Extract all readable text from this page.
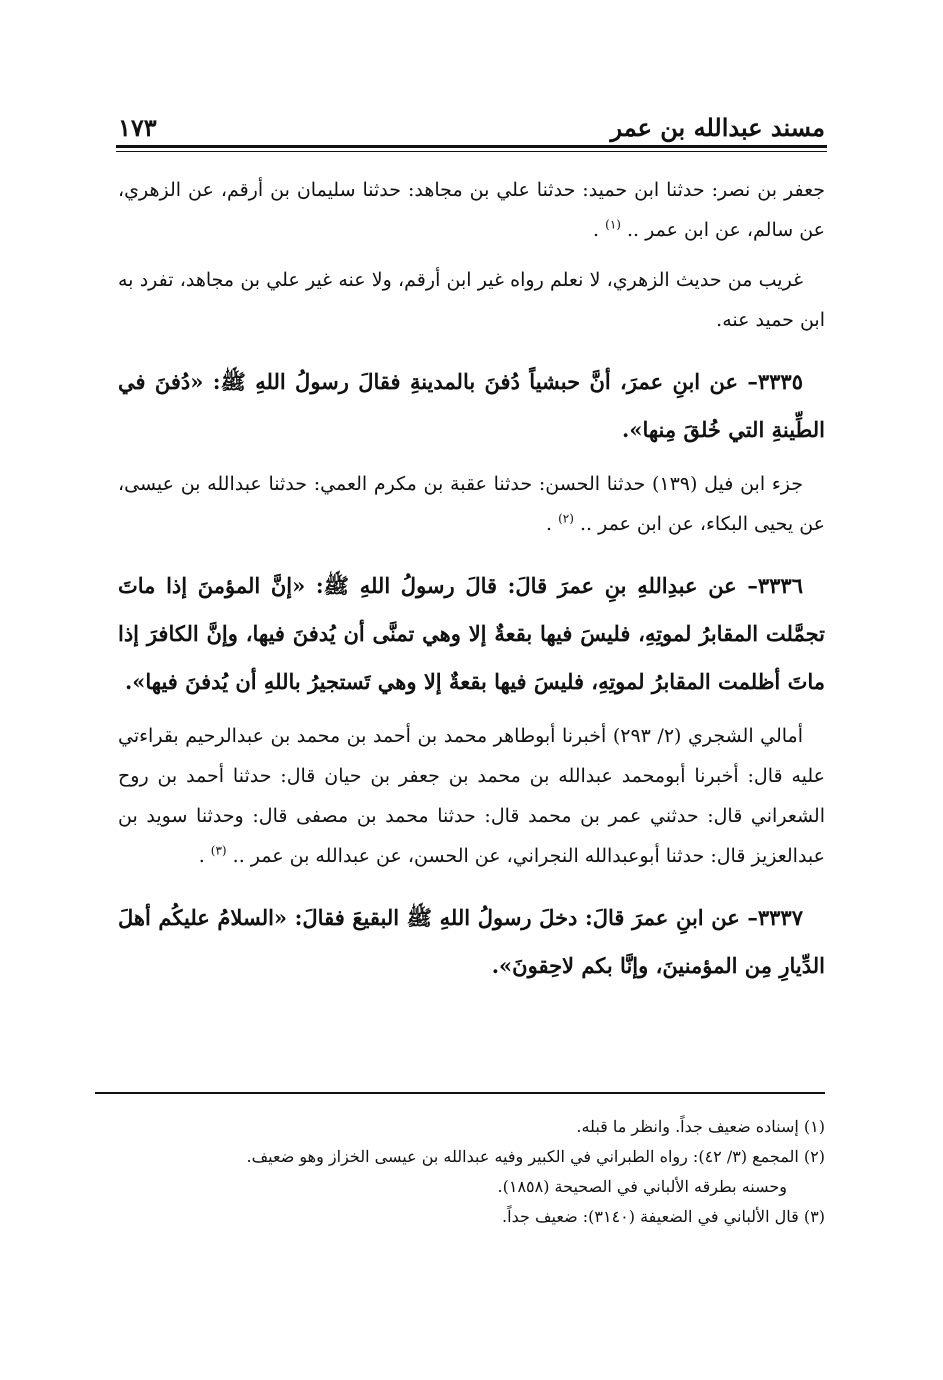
مسند عبدالله بن عمر
١٧٣

جعفر بن نصر: حدثنا ابن حميد: حدثنا علي بن مجاهد: حدثنا سليمان بن أرقم، عن الزهري، عن سالم، عن ابن عمر .. $^{(١)}$ .

غريب من حديث الزهري، لا نعلم رواه غير ابن أرقم، ولا عنه غير علي بن مجاهد، تفرد به ابن حميد عنه.

٣٣٣٥– عن ابنِ عمرَ، أنَّ حبشياً دُفنَ بالمدينةِ فقالَ رسولُ اللهِ ﷺ: «دُفنَ في الطِّينةِ التي خُلقَ مِنها».

جزء ابن فيل (١٣٩) حدثنا الحسن: حدثنا عقبة بن مكرم العمي: حدثنا عبدالله بن عيسى، عن يحيى البكاء، عن ابن عمر .. $^{(٢)}$ .

٣٣٣٦– عن عبدِاللهِ بنِ عمرَ قالَ: قالَ رسولُ اللهِ ﷺ: «إنَّ المؤمنَ إذا ماتَ تجمَّلت المقابرُ لموتِهِ، فليسَ فيها بقعةٌ إلا وهي تمنَّى أن يُدفنَ فيها، وإنَّ الكافرَ إذا ماتَ أظلمت المقابرُ لموتِهِ، فليسَ فيها بقعةٌ إلا وهي تَستجيرُ باللهِ أن يُدفنَ فيها».

أمالي الشجري (٢/ ٢٩٣) أخبرنا أبوطاهر محمد بن أحمد بن محمد بن عبدالرحيم بقراءتي عليه قال: أخبرنا أبومحمد عبدالله بن محمد بن جعفر بن حيان قال: حدثنا أحمد بن روح الشعراني قال: حدثني عمر بن محمد قال: حدثنا محمد بن مصفى قال: وحدثنا سويد بن عبدالعزيز قال: حدثنا أبوعبدالله النجراني، عن الحسن، عن عبدالله بن عمر .. $^{(٣)}$ .

٣٣٣٧– عن ابنِ عمرَ قالَ: دخلَ رسولُ اللهِ ﷺ البقيعَ فقالَ: «السلامُ عليكُم أهلَ الدِّيارِ مِن المؤمنينَ، وإنَّا بكم لاحِقونَ».

(١) إسناده ضعيف جداً. وانظر ما قبله.

(٢) المجمع (٣/ ٤٢): رواه الطبراني في الكبير وفيه عبدالله بن عيسى الخزاز وهو ضعيف.

وحسنه بطرقه الألباني في الصحيحة (١٨٥٨).

(٣) قال الألباني في الضعيفة (٣١٤٠): ضعيف جداً.
